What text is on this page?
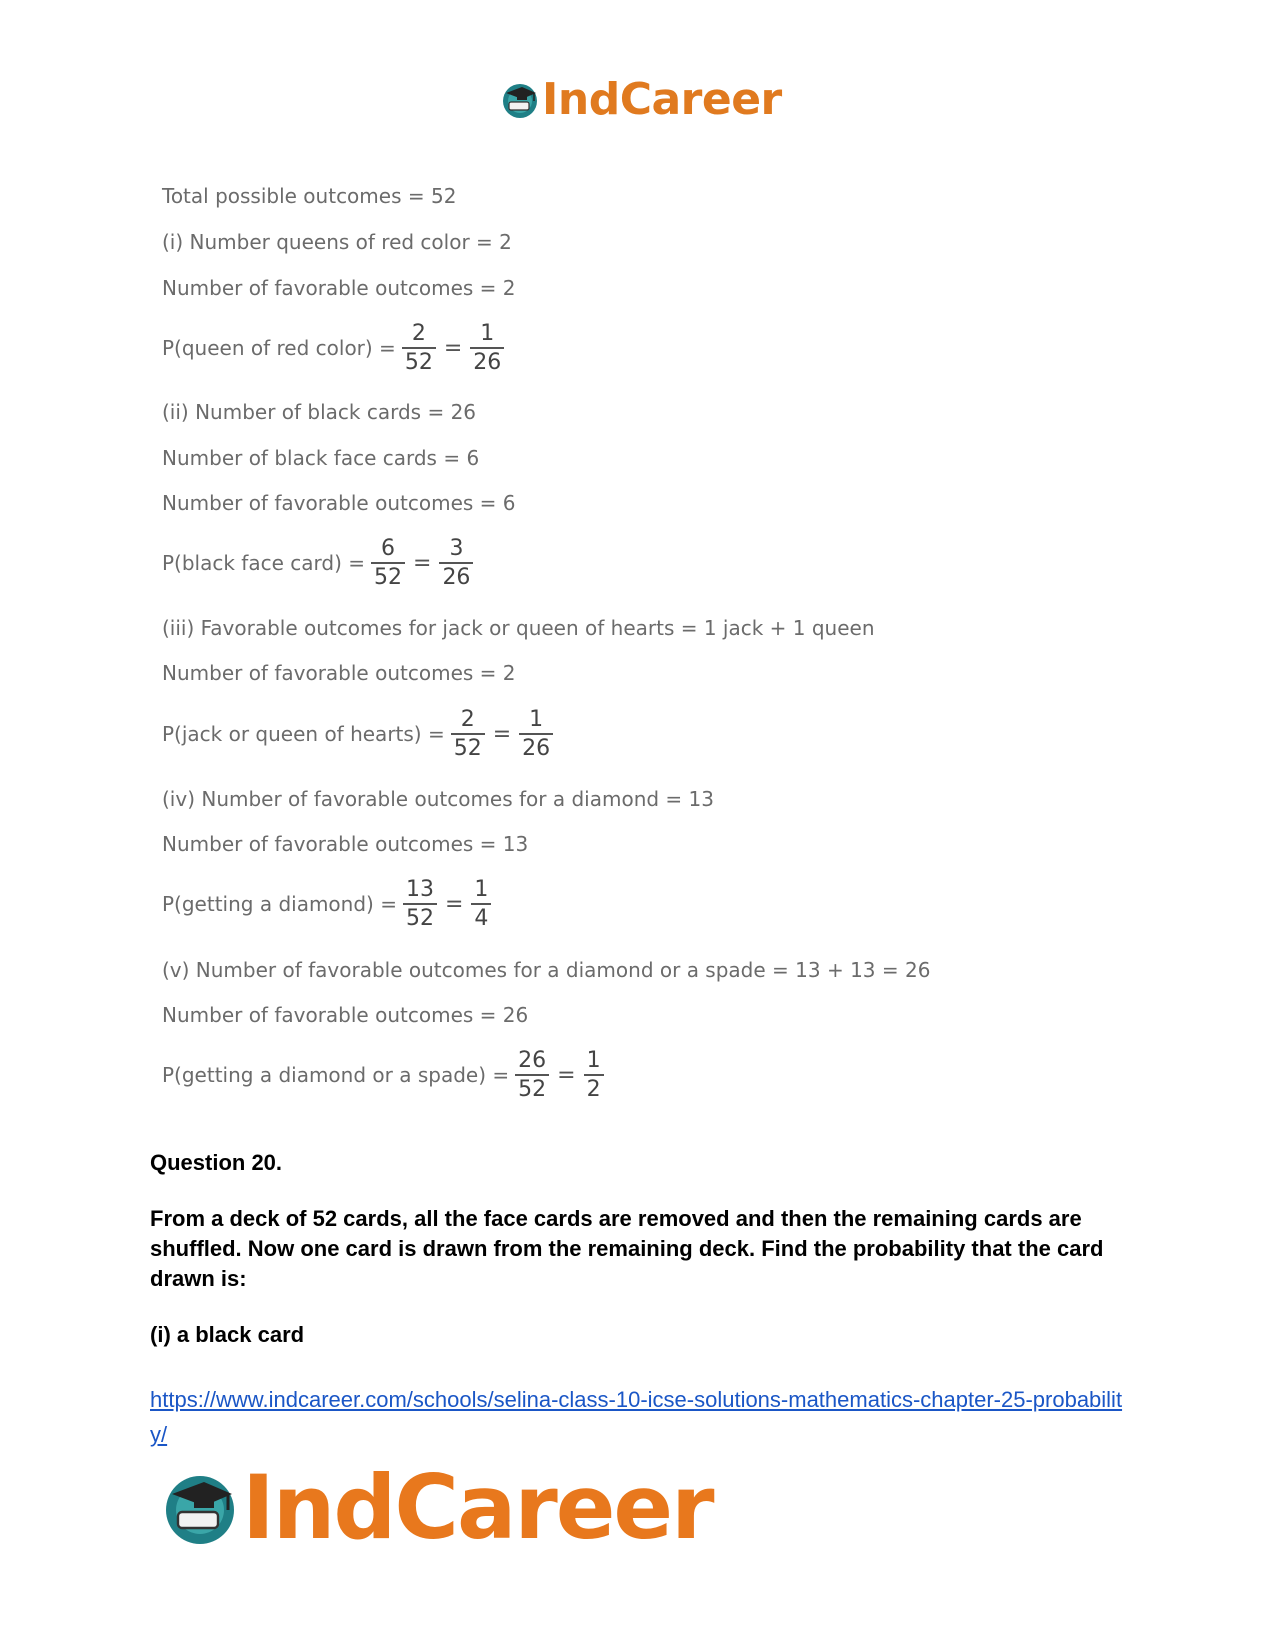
IndCareer
Total possible outcomes = 52
(i) Number queens of red color = 2
Number of favorable outcomes = 2
P(queen of red color) = $\frac{2}{52} = \frac{1}{26}$
(ii) Number of black cards = 26
Number of black face cards = 6
Number of favorable outcomes = 6
P(black face card) = $\frac{6}{52} = \frac{3}{26}$
(iii) Favorable outcomes for jack or queen of hearts = 1 jack + 1 queen
Number of favorable outcomes = 2
P(jack or queen of hearts) = $\frac{2}{52} = \frac{1}{26}$
(iv) Number of favorable outcomes for a diamond = 13
Number of favorable outcomes = 13
P(getting a diamond) = $\frac{13}{52} = \frac{1}{4}$
(v) Number of favorable outcomes for a diamond or a spade = 13 + 13 = 26
Number of favorable outcomes = 26
P(getting a diamond or a spade) = $\frac{26}{52} = \frac{1}{2}$
Question 20.
From a deck of 52 cards, all the face cards are removed and then the remaining cards are shuffled. Now one card is drawn from the remaining deck. Find the probability that the card drawn is:
(i) a black card
https://www.indcareer.com/schools/selina-class-10-icse-solutions-mathematics-chapter-25-probability/
IndCareer
